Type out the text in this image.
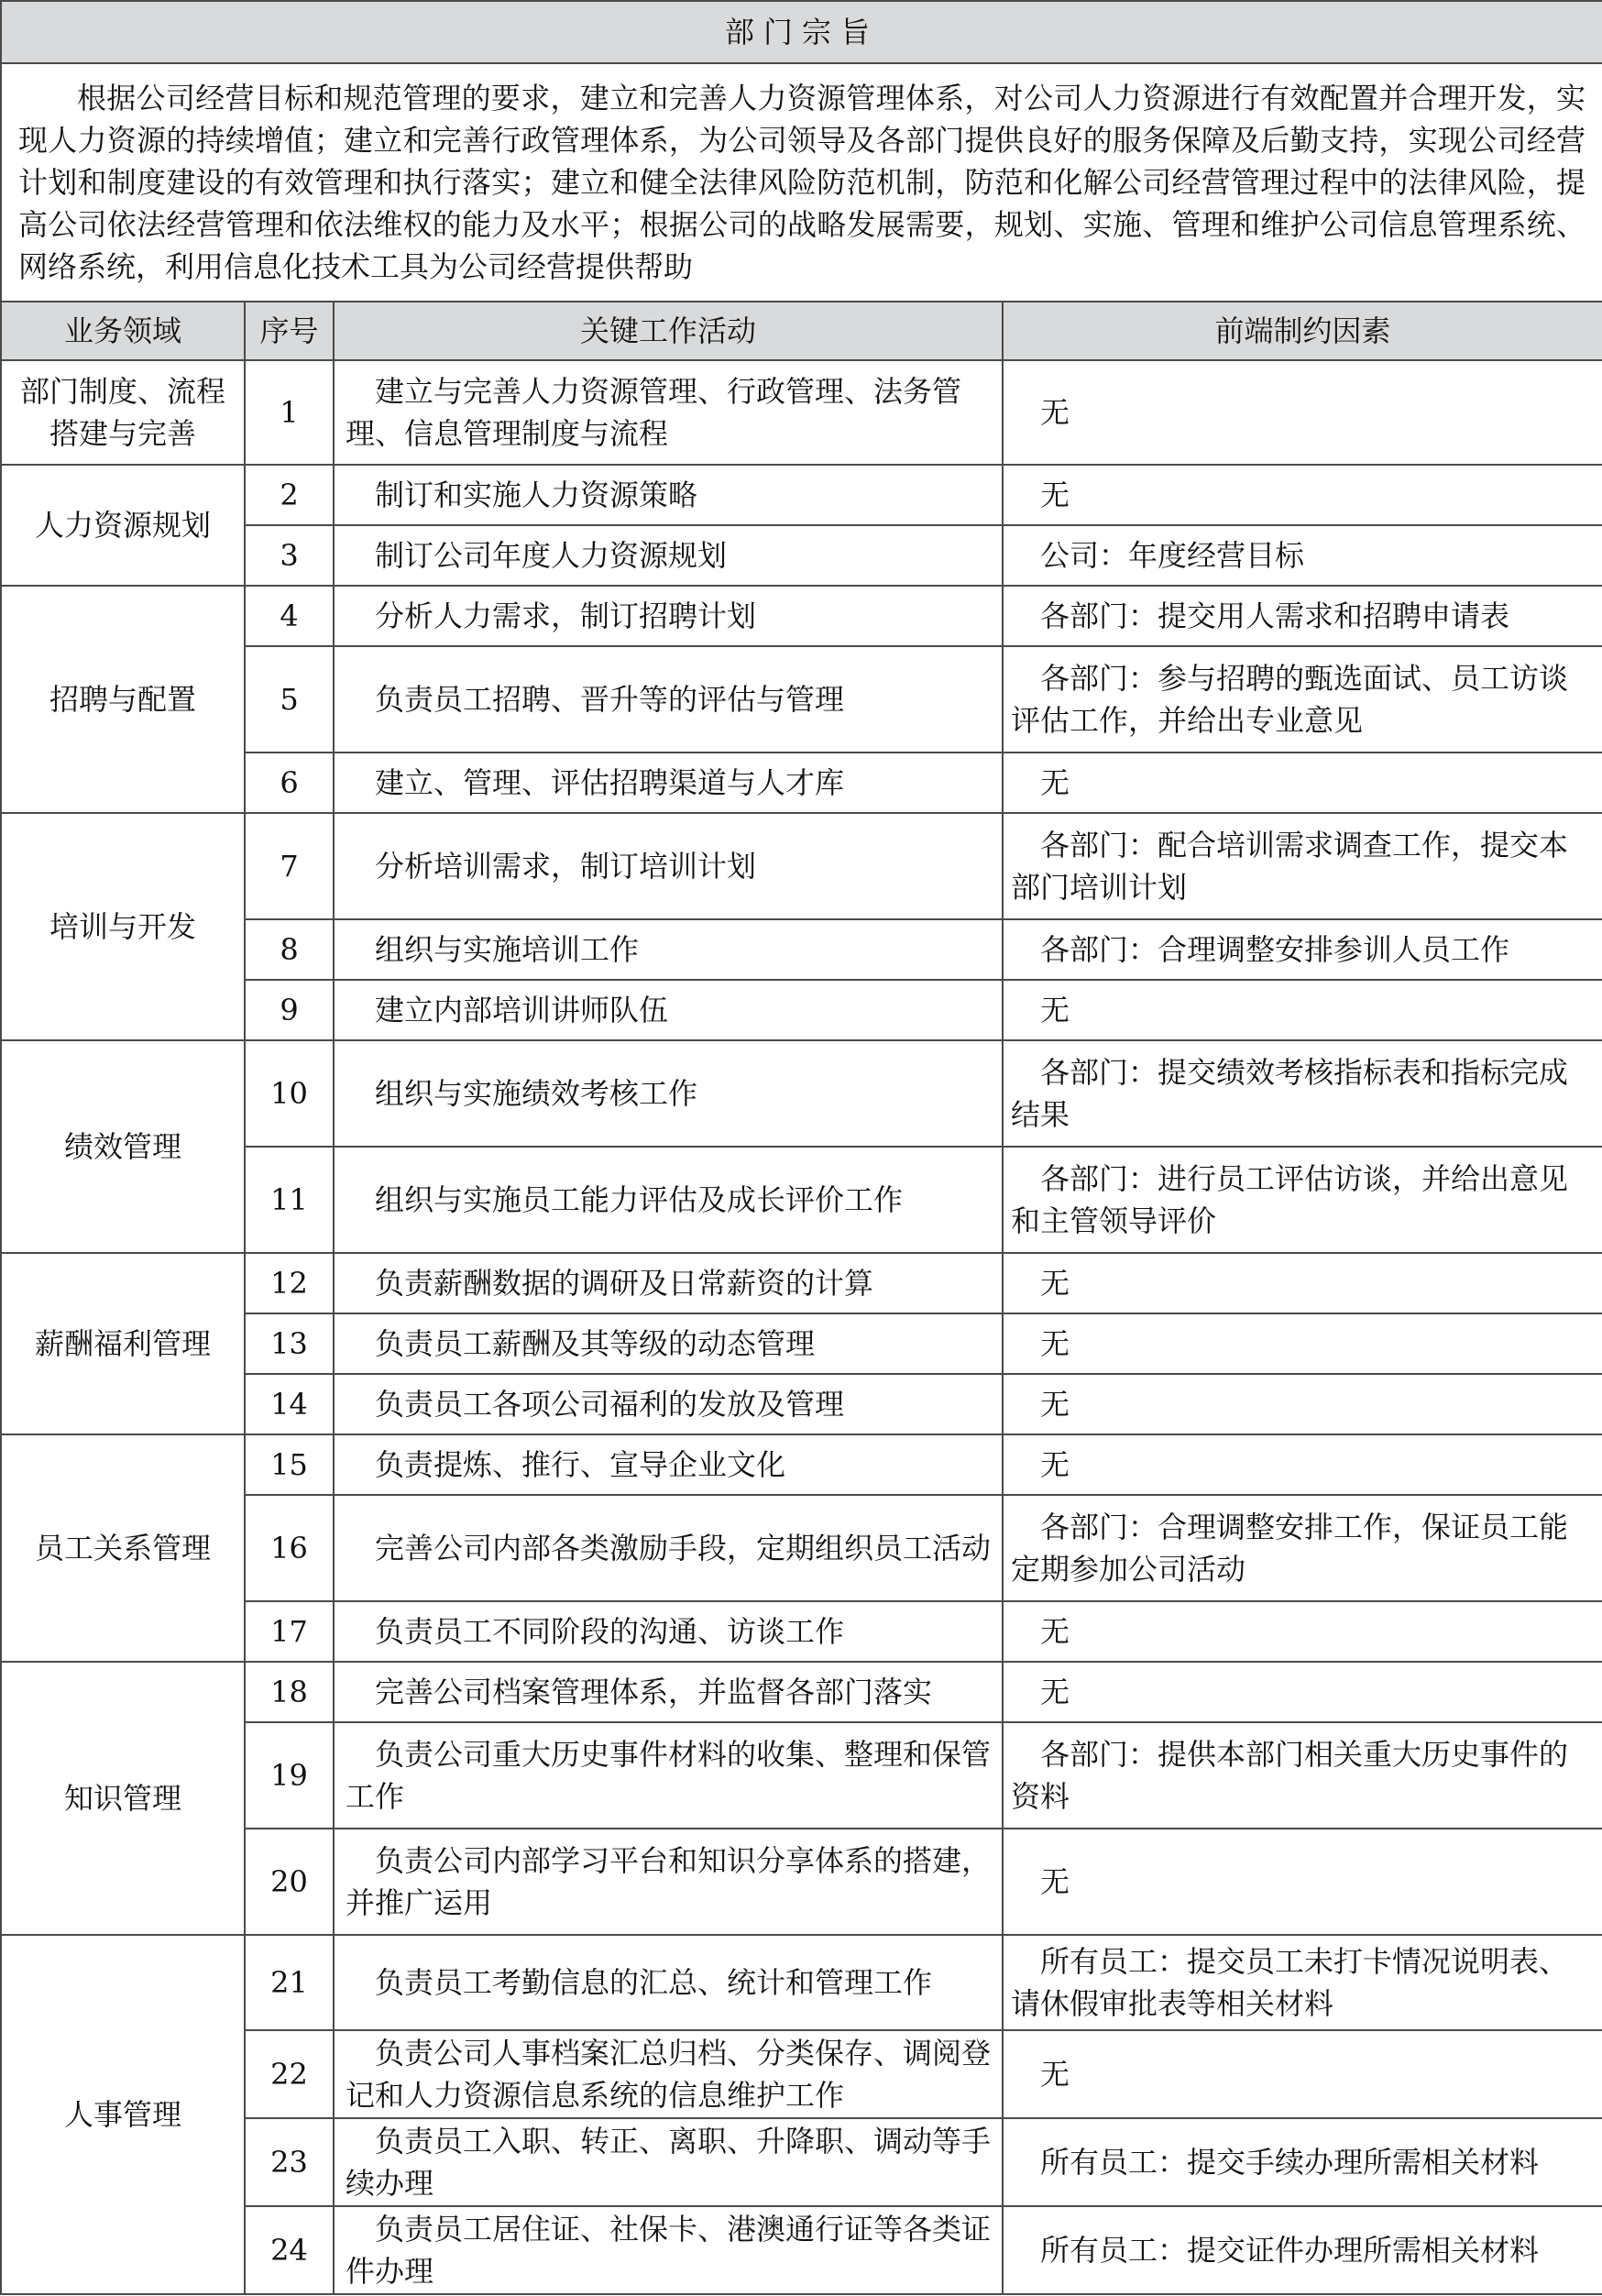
部门宗旨			
根据公司经营目标和规范管理的要求，建立和完善人力资源管理体系，对公司人力资源进行有效配置并合理开发，实现人力资源的持续增值；建立和完善行政管理体系，为公司领导及各部门提供良好的服务保障及后勤支持，实现公司经营计划和制度建设的有效管理和执行落实；建立和健全法律风险防范机制，防范和化解公司经营管理过程中的法律风险，提高公司依法经营管理和依法维权的能力及水平；根据公司的战略发展需要，规划、实施、管理和维护公司信息管理系统、网络系统，利用信息化技术工具为公司经营提供帮助			
业务领域	序号	关键工作活动	前端制约因素
部门制度、流程搭建与完善	1	建立与完善人力资源管理、行政管理、法务管理、信息管理制度与流程	无
人力资源规划	2	制订和实施人力资源策略	无
	3	制订公司年度人力资源规划	公司：年度经营目标
招聘与配置	4	分析人力需求，制订招聘计划	各部门：提交用人需求和招聘申请表
	5	负责员工招聘、晋升等的评估与管理	各部门：参与招聘的甄选面试、员工访谈评估工作，并给出专业意见
	6	建立、管理、评估招聘渠道与人才库	无
培训与开发	7	分析培训需求，制订培训计划	各部门：配合培训需求调查工作，提交本部门培训计划
	8	组织与实施培训工作	各部门：合理调整安排参训人员工作
	9	建立内部培训讲师队伍	无
绩效管理	10	组织与实施绩效考核工作	各部门：提交绩效考核指标表和指标完成结果
	11	组织与实施员工能力评估及成长评价工作	各部门：进行员工评估访谈，并给出意见和主管领导评价
薪酬福利管理	12	负责薪酬数据的调研及日常薪资的计算	无
	13	负责员工薪酬及其等级的动态管理	无
	14	负责员工各项公司福利的发放及管理	无
员工关系管理	15	负责提炼、推行、宣导企业文化	无
	16	完善公司内部各类激励手段，定期组织员工活动	各部门：合理调整安排工作，保证员工能定期参加公司活动
	17	负责员工不同阶段的沟通、访谈工作	无
知识管理	18	完善公司档案管理体系，并监督各部门落实	无
	19	负责公司重大历史事件材料的收集、整理和保管工作	各部门：提供本部门相关重大历史事件的资料
	20	负责公司内部学习平台和知识分享体系的搭建，并推广运用	无
人事管理	21	负责员工考勤信息的汇总、统计和管理工作	所有员工：提交员工未打卡情况说明表、请休假审批表等相关材料
	22	负责公司人事档案汇总归档、分类保存、调阅登记和人力资源信息系统的信息维护工作	无
	23	负责员工入职、转正、离职、升降职、调动等手续办理	所有员工：提交手续办理所需相关材料
	24	负责员工居住证、社保卡、港澳通行证等各类证件办理	所有员工：提交证件办理所需相关材料
